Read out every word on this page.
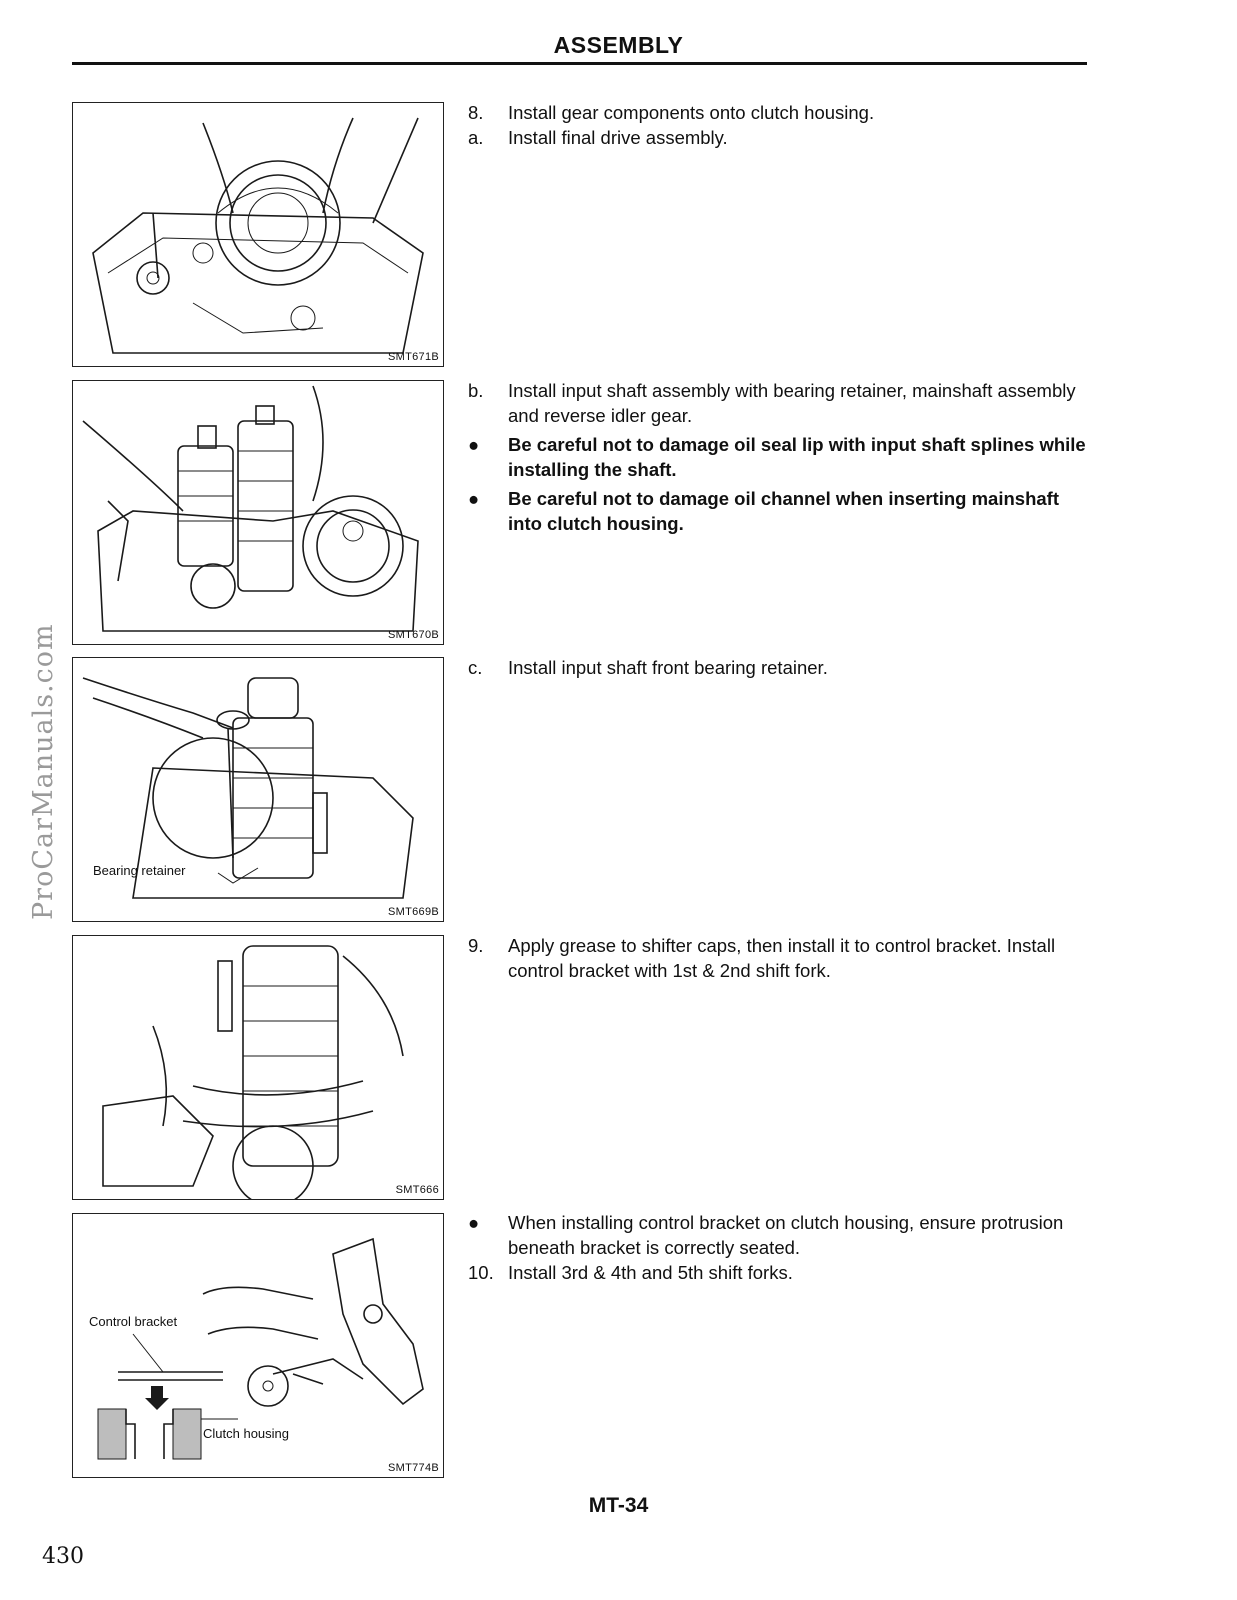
ASSEMBLY
ProCarManuals.com
SMT671B
SMT670B
Bearing retainer
SMT669B
SMT666
Control bracket
Clutch housing
SMT774B

8. Install gear components onto clutch housing.

a. Install final drive assembly.

b. Install input shaft assembly with bearing retainer, mainshaft assembly and reverse idler gear.

● Be careful not to damage oil seal lip with input shaft splines while installing the shaft.

● Be careful not to damage oil channel when inserting mainshaft into clutch housing.

c. Install input shaft front bearing retainer.

9. Apply grease to shifter caps, then install it to control bracket. Install control bracket with 1st & 2nd shift fork.

● When installing control bracket on clutch housing, ensure protrusion beneath bracket is correctly seated.

10. Install 3rd & 4th and 5th shift forks.

MT-34
430
